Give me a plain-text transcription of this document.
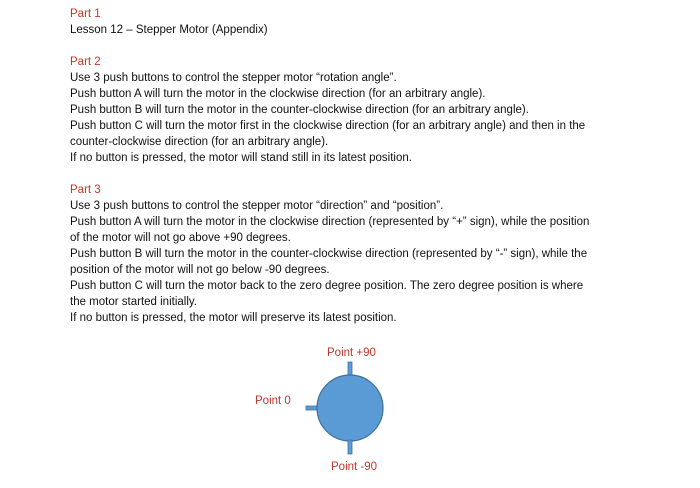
Part 1

Lesson 12 – Stepper Motor (Appendix)

Part 2

Use 3 push buttons to control the stepper motor “rotation angle”.

Push button A will turn the motor in the clockwise direction (for an arbitrary angle).

Push button B will turn the motor in the counter-clockwise direction (for an arbitrary angle).

Push button C will turn the motor first in the clockwise direction (for an arbitrary angle) and then in the

counter-clockwise direction (for an arbitrary angle).

If no button is pressed, the motor will stand still in its latest position.

Part 3

Use 3 push buttons to control the stepper motor “direction” and “position”.

Push button A will turn the motor in the clockwise direction (represented by “+” sign), while the position

of the motor will not go above +90 degrees.

Push button B will turn the motor in the counter-clockwise direction (represented by “-” sign), while the

position of the motor will not go below -90 degrees.

Push button C will turn the motor back to the zero degree position. The zero degree position is where

the motor started initially.

If no button is pressed, the motor will preserve its latest position.

Point +90
Point 0
Point -90
